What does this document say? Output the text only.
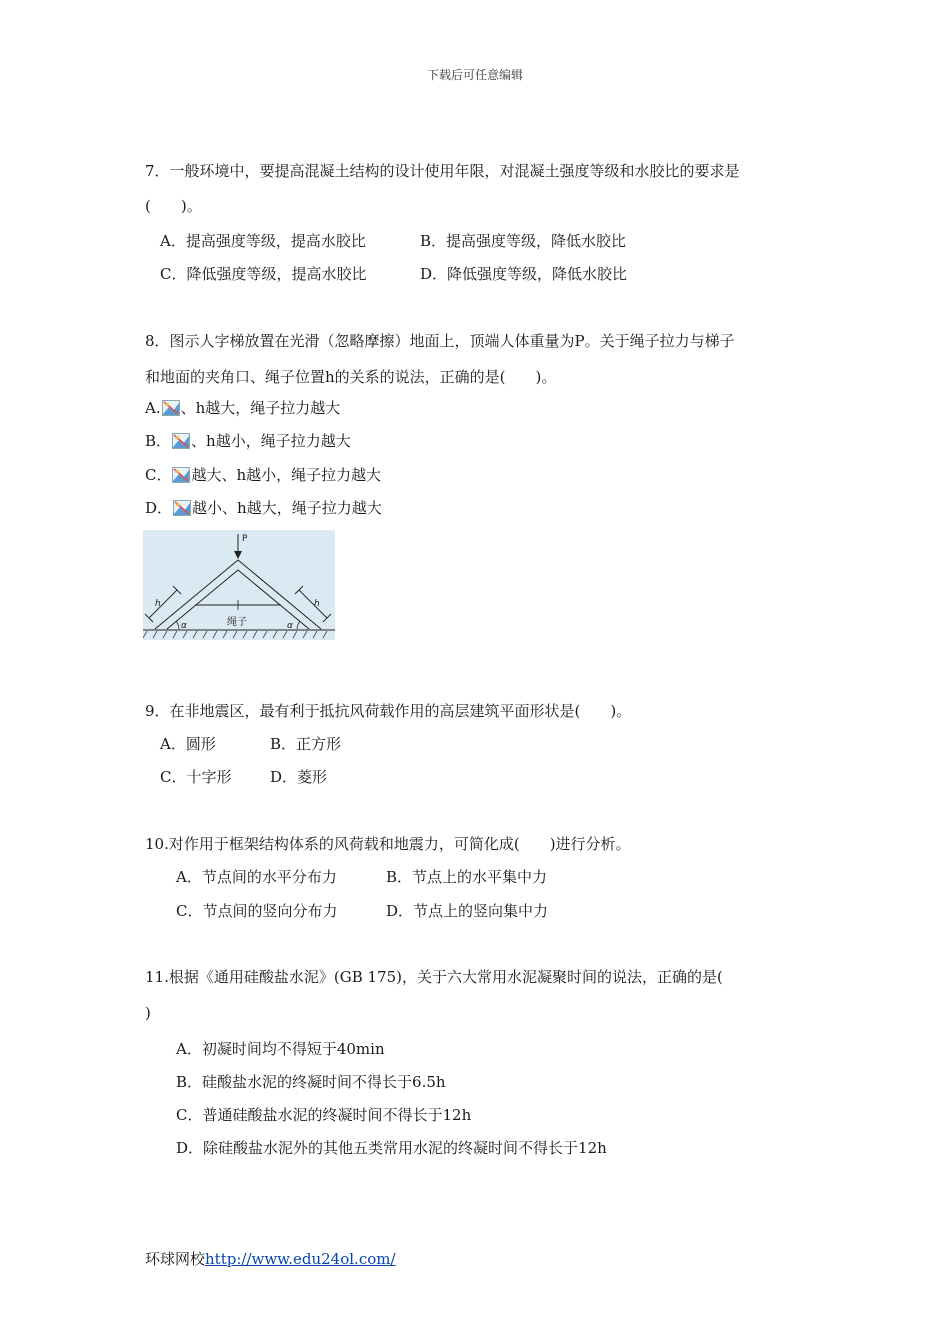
下载后可任意编辑
7．一般环境中，要提高混凝土结构的设计使用年限，对混凝土强度等级和水胶比的要求是
(　　)。
A．提高强度等级，提高水胶比	B．提高强度等级，降低水胶比
C．降低强度等级，提高水胶比	D．降低强度等级，降低水胶比
8．图示人字梯放置在光滑（忽略摩擦）地面上，顶端人体重量为P。关于绳子拉力与梯子
和地面的夹角口、绳子位置h的关系的说法，正确的是(　　)。
A. 、h越大，绳子拉力越大
B． 、h越小，绳子拉力越大
C． 越大、h越小，绳子拉力越大
D． 越小、h越大，绳子拉力越大
P
h	h
绳子
α	α
9．在非地震区，最有利于抵抗风荷载作用的高层建筑平面形状是(　　)。
A．圆形	B．正方形
C．十字形	D．菱形
10.对作用于框架结构体系的风荷载和地震力，可简化成(　　)进行分析。
A．节点间的水平分布力	B．节点上的水平集中力
C．节点间的竖向分布力	D．节点上的竖向集中力
11.根据《通用硅酸盐水泥》(GB 175)，关于六大常用水泥凝聚时间的说法，正确的是(
)
A．初凝时间均不得短于40min
B．硅酸盐水泥的终凝时间不得长于6.5h
C．普通硅酸盐水泥的终凝时间不得长于12h
D．除硅酸盐水泥外的其他五类常用水泥的终凝时间不得长于12h
环球网校http://www.edu24ol.com/
